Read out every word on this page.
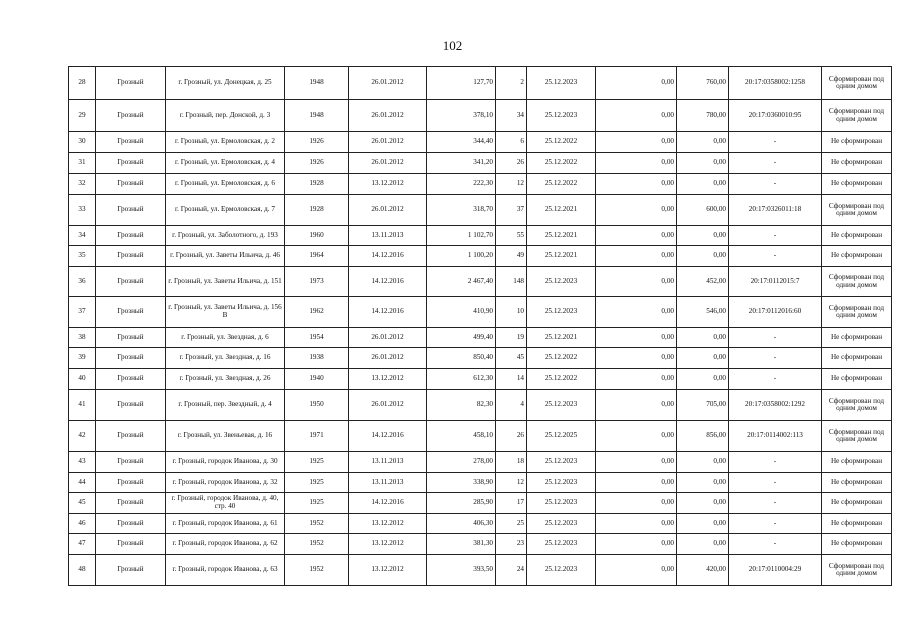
102
28	Грозный	г. Грозный, ул. Донецкая, д. 25	1948	26.01.2012	127,70	2	25.12.2023	0,00	760,00	20:17:0358002:1258	Сформирован под одним домом
29	Грозный	г. Грозный, пер. Донской, д. 3	1948	26.01.2012	378,10	34	25.12.2023	0,00	780,00	20:17:0360010:95	Сформирован под одним домом
30	Грозный	г. Грозный, ул. Ермоловская, д. 2	1926	26.01.2012	344,40	6	25.12.2022	0,00	0,00	-	Не сформирован
31	Грозный	г. Грозный, ул. Ермоловская, д. 4	1926	26.01.2012	341,20	26	25.12.2022	0,00	0,00	-	Не сформирован
32	Грозный	г. Грозный, ул. Ермоловская, д. 6	1928	13.12.2012	222,30	12	25.12.2022	0,00	0,00	-	Не сформирован
33	Грозный	г. Грозный, ул. Ермоловская, д. 7	1928	26.01.2012	318,70	37	25.12.2021	0,00	600,00	20:17:0326011:18	Сформирован под одним домом
34	Грозный	г. Грозный, ул. Заболотного, д. 193	1960	13.11.2013	1 102,70	55	25.12.2021	0,00	0,00	-	Не сформирован
35	Грозный	г. Грозный, ул. Заветы Ильича, д. 46	1964	14.12.2016	1 100,20	49	25.12.2021	0,00	0,00	-	Не сформирован
36	Грозный	г. Грозный, ул. Заветы Ильича, д. 151	1973	14.12.2016	2 467,40	148	25.12.2023	0,00	452,00	20:17:0112015:7	Сформирован под одним домом
37	Грозный	г. Грозный, ул. Заветы Ильича, д. 156 В	1962	14.12.2016	410,90	10	25.12.2023	0,00	546,00	20:17:0112016:60	Сформирован под одним домом
38	Грозный	г. Грозный, ул. Звездная, д. 6	1954	26.01.2012	499,40	19	25.12.2021	0,00	0,00	-	Не сформирован
39	Грозный	г. Грозный, ул. Звездная, д. 16	1938	26.01.2012	850,40	45	25.12.2022	0,00	0,00	-	Не сформирован
40	Грозный	г. Грозный, ул. Звездная, д. 26	1940	13.12.2012	612,30	14	25.12.2022	0,00	0,00	-	Не сформирован
41	Грозный	г. Грозный, пер. Звездный, д. 4	1950	26.01.2012	82,30	4	25.12.2023	0,00	705,00	20:17:0358002:1292	Сформирован под одним домом
42	Грозный	г. Грозный, ул. Звеньевая, д. 16	1971	14.12.2016	458,10	26	25.12.2025	0,00	856,00	20:17:0114002:113	Сформирован под одним домом
43	Грозный	г. Грозный, городок Иванова, д. 30	1925	13.11.2013	278,00	18	25.12.2023	0,00	0,00	-	Не сформирован
44	Грозный	г. Грозный, городок Иванова, д. 32	1925	13.11.2013	338,90	12	25.12.2023	0,00	0,00	-	Не сформирован
45	Грозный	г. Грозный, городок Иванова, д. 40, стр. 40	1925	14.12.2016	285,90	17	25.12.2023	0,00	0,00	-	Не сформирован
46	Грозный	г. Грозный, городок Иванова, д. 61	1952	13.12.2012	406,30	25	25.12.2023	0,00	0,00	-	Не сформирован
47	Грозный	г. Грозный, городок Иванова, д. 62	1952	13.12.2012	381,30	23	25.12.2023	0,00	0,00	-	Не сформирован
48	Грозный	г. Грозный, городок Иванова, д. 63	1952	13.12.2012	393,50	24	25.12.2023	0,00	420,00	20:17:0110004:29	Сформирован под одним домом
